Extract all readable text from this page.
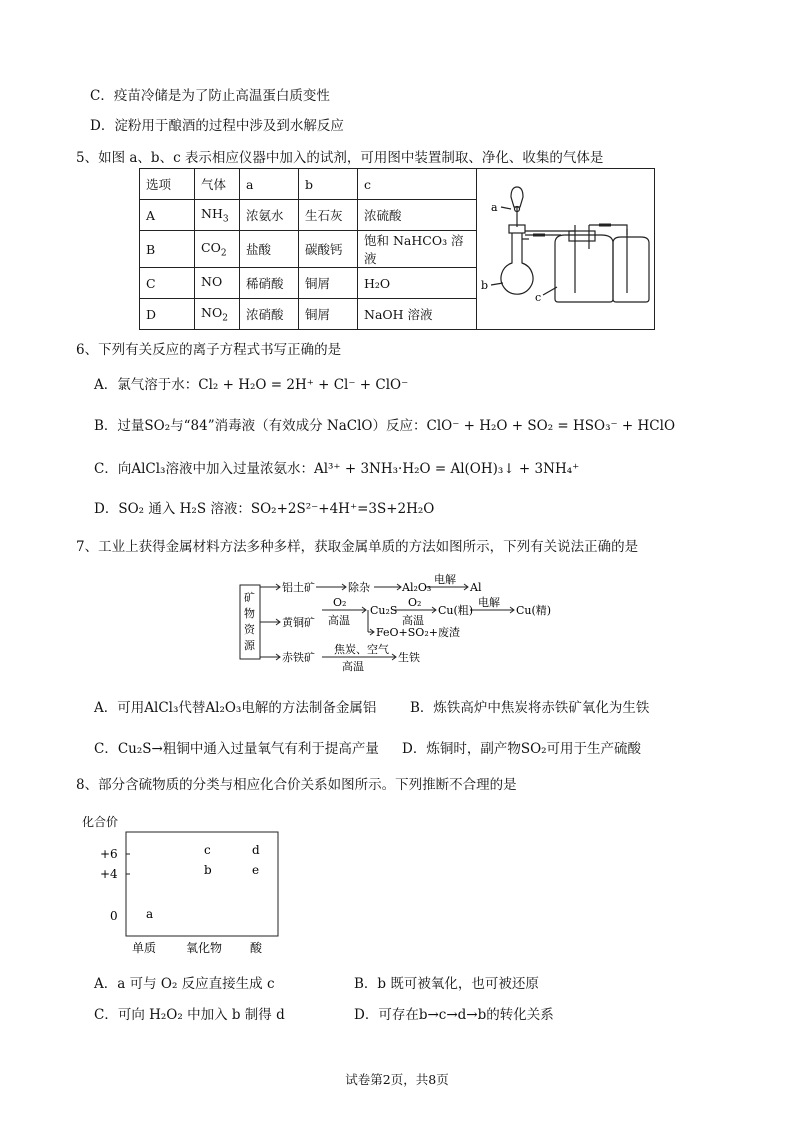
C．疫苗冷储是为了防止高温蛋白质变性
D．淀粉用于酿酒的过程中涉及到水解反应
5、如图 a、b、c 表示相应仪器中加入的试剂，可用图中装置制取、净化、收集的气体是
选项	气体	a	b	c
A	$NH_3$	浓氨水	生石灰	浓硫酸
B	$CO_2$	盐酸	碳酸钙	饱和 NaHCO₃ 溶液
C	NO	稀硝酸	铜屑	H₂O
D	$NO_2$	浓硝酸	铜屑	NaOH 溶液
a
b
c
6、下列有关反应的离子方程式书写正确的是
A．氯气溶于水：Cl₂ + H₂O = 2H⁺ + Cl⁻ + ClO⁻
B．过量SO₂与“84”消毒液（有效成分 NaClO）反应：ClO⁻ + H₂O + SO₂ = HSO₃⁻ + HClO
C．向AlCl₃溶液中加入过量浓氨水：Al³⁺ + 3NH₃·H₂O = Al(OH)₃↓ + 3NH₄⁺
D．SO₂ 通入 H₂S 溶液：SO₂+2S²⁻+4H⁺=3S+2H₂O
7、工业上获得金属材料方法多种多样，获取金属单质的方法如图所示，下列有关说法正确的是
矿
物
资
源
铝土矿	除杂	Al₂O₃
电解
Al
黄铜矿
O₂
高温
Cu₂S
O₂
高温
Cu(粗)
电解
Cu(精)
FeO+SO₂+废渣
赤铁矿
焦炭、空气
高温
生铁
A．可用AlCl₃代替Al₂O₃电解的方法制备金属铝 B．炼铁高炉中焦炭将赤铁矿氧化为生铁
C．Cu₂S→粗铜中通入过量氧气有利于提高产量 D．炼铜时，副产物SO₂可用于生产硫酸
8、部分含硫物质的分类与相应化合价关系如图所示。下列推断不合理的是
化合价
+6
+4
0
单质 氧化物 酸
a
b
c	d
e
A．a 可与 O₂ 反应直接生成 c	B．b 既可被氧化，也可被还原
C．可向 H₂O₂ 中加入 b 制得 d	D．可存在b→c→d→b的转化关系
试卷第2页，共8页
